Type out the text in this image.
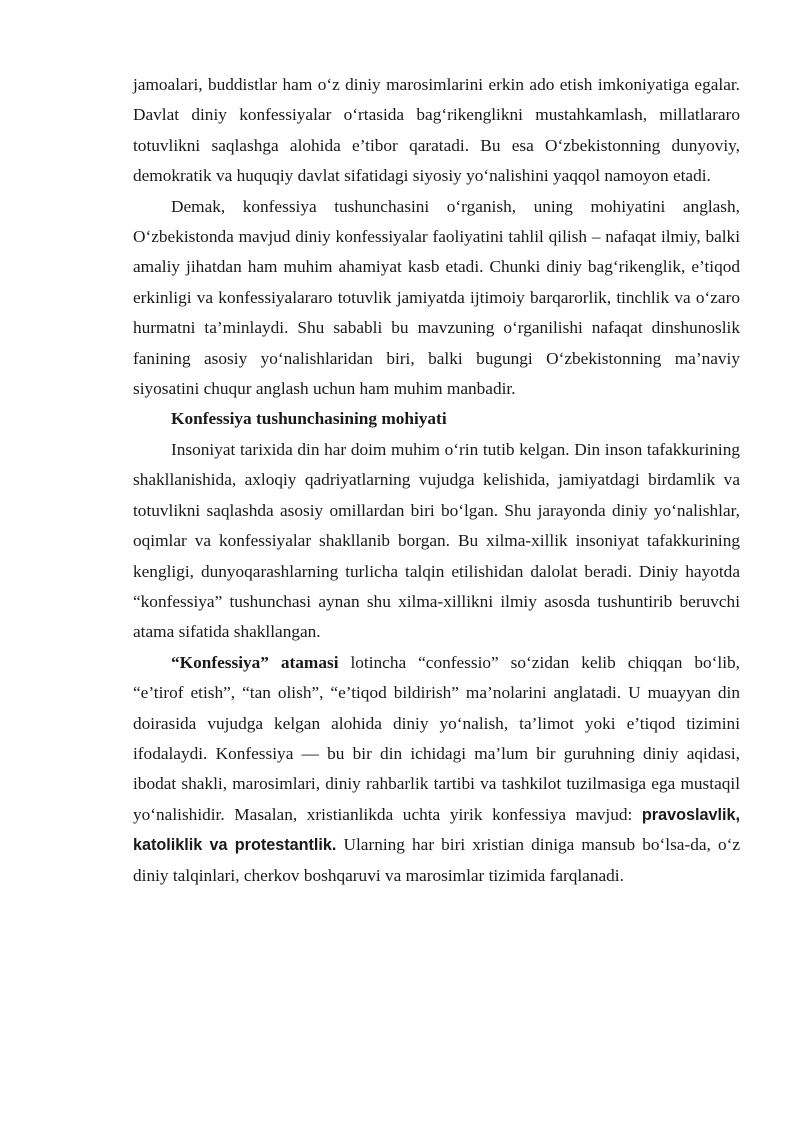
jamoalari, buddistlar ham o‘z diniy marosimlarini erkin ado etish imkoniyatiga egalar. Davlat diniy konfessiyalar o‘rtasida bag‘rikenglikni mustahkamlash, millatlararo totuvlikni saqlashga alohida e’tibor qaratadi. Bu esa O‘zbekistonning dunyoviy, demokratik va huquqiy davlat sifatidagi siyosiy yo‘nalishini yaqqol namoyon etadi.

Demak, konfessiya tushunchasini o‘rganish, uning mohiyatini anglash, O‘zbekistonda mavjud diniy konfessiyalar faoliyatini tahlil qilish – nafaqat ilmiy, balki amaliy jihatdan ham muhim ahamiyat kasb etadi. Chunki diniy bag‘rikenglik, e’tiqod erkinligi va konfessiyalararo totuvlik jamiyatda ijtimoiy barqarorlik, tinchlik va o‘zaro hurmatni ta’minlaydi. Shu sababli bu mavzuning o‘rganilishi nafaqat dinshunoslik fanining asosiy yo‘nalishlaridan biri, balki bugungi O‘zbekistonning ma’naviy siyosatini chuqur anglash uchun ham muhim manbadir.

Konfessiya tushunchasining mohiyati

Insoniyat tarixida din har doim muhim o‘rin tutib kelgan. Din inson tafakkurining shakllanishida, axloqiy qadriyatlarning vujudga kelishida, jamiyatdagi birdamlik va totuvlikni saqlashda asosiy omillardan biri bo‘lgan. Shu jarayonda diniy yo‘nalishlar, oqimlar va konfessiyalar shakllanib borgan. Bu xilma-xillik insoniyat tafakkurining kengligi, dunyoqarashlarning turlicha talqin etilishidan dalolat beradi. Diniy hayotda “konfessiya” tushunchasi aynan shu xilma-xillikni ilmiy asosda tushuntirib beruvchi atama sifatida shakllangan.

“Konfessiya” atamasi lotincha “confessio” so‘zidan kelib chiqqan bo‘lib, “e’tirof etish”, “tan olish”, “e’tiqod bildirish” ma’nolarini anglatadi. U muayyan din doirasida vujudga kelgan alohida diniy yo‘nalish, ta’limot yoki e’tiqod tizimini ifodalaydi. Konfessiya — bu bir din ichidagi ma’lum bir guruhning diniy aqidasi, ibodat shakli, marosimlari, diniy rahbarlik tartibi va tashkilot tuzilmasiga ega mustaqil yo‘nalishidir. Masalan, xristianlikda uchta yirik konfessiya mavjud: pravoslavlik, katoliklik va protestantlik. Ularning har biri xristian diniga mansub bo‘lsa-da, o‘z diniy talqinlari, cherkov boshqaruvi va marosimlar tizimida farqlanadi.
